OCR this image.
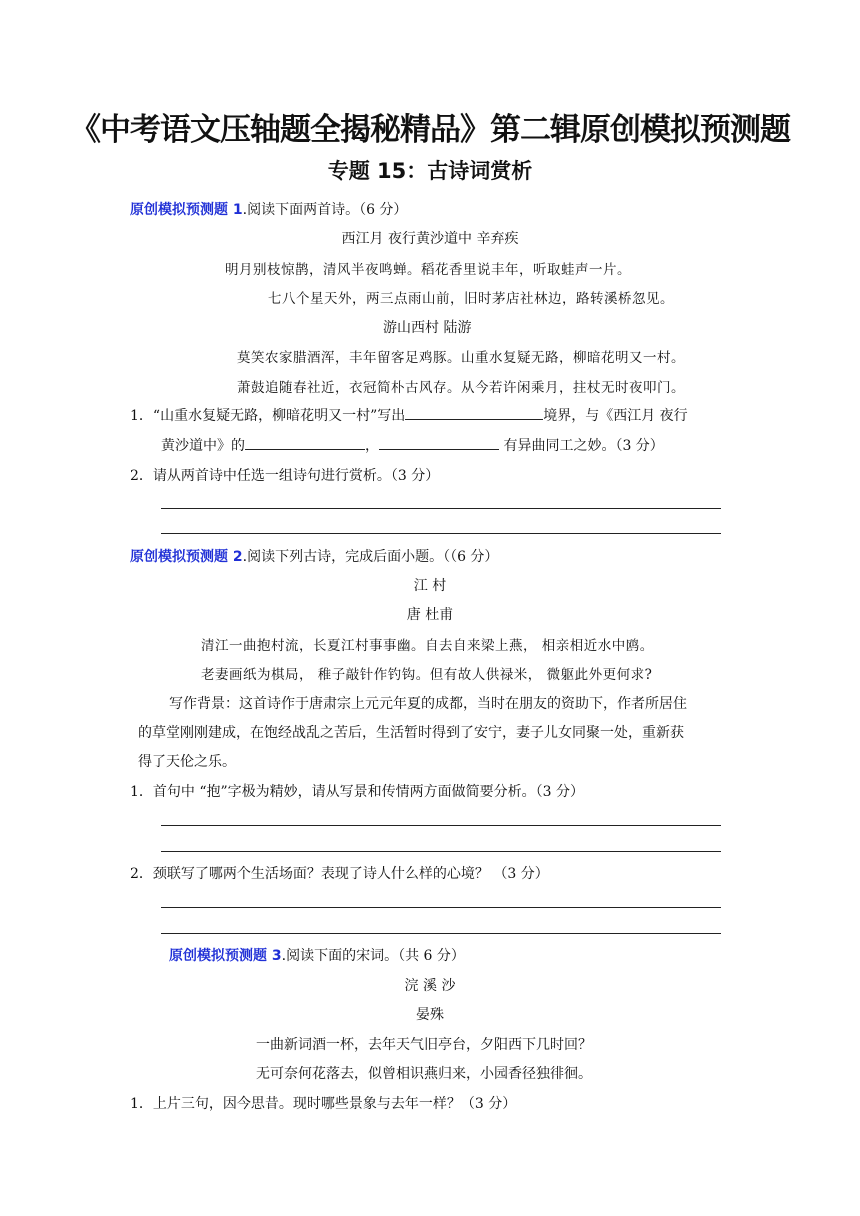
《中考语文压轴题全揭秘精品》第二辑原创模拟预测题
专题 15：古诗词赏析
原创模拟预测题 1.阅读下面两首诗。（6 分）
西江月 夜行黄沙道中 辛弃疾
明月别枝惊鹊，清风半夜鸣蝉。稻花香里说丰年，听取蛙声一片。
七八个星天外，两三点雨山前，旧时茅店社林边，路转溪桥忽见。
游山西村 陆游
莫笑农家腊酒浑，丰年留客足鸡豚。山重水复疑无路，柳暗花明又一村。
萧鼓追随春社近，衣冠简朴古风存。从今若许闲乘月，拄杖无时夜叩门。
1．“山重水复疑无路，柳暗花明又一村”写出	境界，与《西江月 夜行
黄沙道中》的	，	有异曲同工之妙。（3 分）
2．请从两首诗中任选一组诗句进行赏析。（3 分）
原创模拟预测题 2.阅读下列古诗，完成后面小题。（（6 分）
江 村
唐 杜甫
清江一曲抱村流，长夏江村事事幽。自去自来梁上燕， 相亲相近水中鸥。
老妻画纸为棋局， 稚子敲针作钓钩。但有故人供禄米， 微躯此外更何求?
写作背景：这首诗作于唐肃宗上元元年夏的成都，当时在朋友的资助下，作者所居住
的草堂刚刚建成，在饱经战乱之苦后，生活暂时得到了安宁，妻子儿女同聚一处，重新获
得了天伦之乐。
1．首句中 “抱”字极为精妙，请从写景和传情两方面做简要分析。（3 分）
2．颈联写了哪两个生活场面？表现了诗人什么样的心境？ （3 分）
原创模拟预测题 3.阅读下面的宋词。（共 6 分）
浣 溪 沙
晏殊
一曲新词酒一杯，去年天气旧亭台，夕阳西下几时回？
无可奈何花落去，似曾相识燕归来，小园香径独徘徊。
1．上片三句，因今思昔。现时哪些景象与去年一样？（3 分）
